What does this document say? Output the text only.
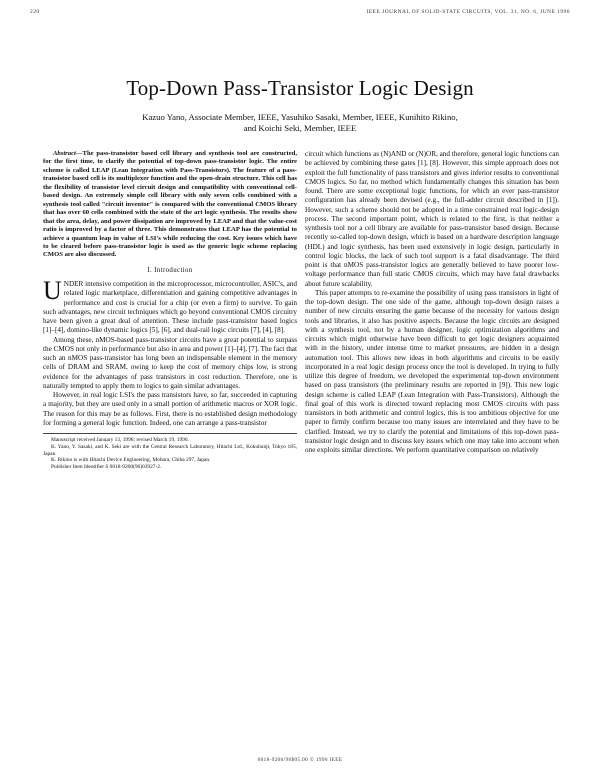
220	IEEE JOURNAL OF SOLID-STATE CIRCUITS, VOL. 31, NO. 6, JUNE 1996
Top-Down Pass-Transistor Logic Design
Kazuo Yano, Associate Member, IEEE, Yasuhiko Sasaki, Member, IEEE, Kunihito Rikino,
and Koichi Seki, Member, IEEE

Abstract—The pass-transistor based cell library and synthesis tool are constructed, for the first time, to clarify the potential of top-down pass-transistor logic. The entire scheme is called LEAP (Lean Integration with Pass-Transistors). The feature of a pass-transistor based cell is its multiplexer function and the open-drain structure. This cell has the flexibility of transistor level circuit design and compatibility with conventional cell-based design. An extremely simple cell library with only seven cells combined with a synthesis tool called "circuit inventor" is compared with the conventional CMOS library that has over 60 cells combined with the state of the art logic synthesis. The results show that the area, delay, and power dissipation are improved by LEAP and that the value-cost ratio is improved by a factor of three. This demonstrates that LEAP has the potential to achieve a quantum leap in value of LSI's while reducing the cost. Key issues which have to be cleared before pass-transistor logic is used as the generic logic scheme replacing CMOS are also discussed.

I. Introduction

UNDER intensive competition in the microprocessor, microcontroller, ASIC's, and related logic marketplace, differentiation and gaining competitive advantages in performance and cost is crucial for a chip (or even a firm) to survive. To gain such advantages, new circuit techniques which go beyond conventional CMOS circuitry have been given a great deal of attention. These include pass-transistor based logics [1]–[4], domino-like dynamic logics [5], [6], and dual-rail logic circuits [7], [4], [8].

Among these, nMOS-based pass-transistor circuits have a great potential to surpass the CMOS not only in performance but also in area and power [1]–[4], [7]. The fact that such an nMOS pass-transistor has long been an indispensable element in the memory cells of DRAM and SRAM, owing to keep the cost of memory chips low, is strong evidence for the advantages of pass transistors in cost reduction. Therefore, one is naturally tempted to apply them to logics to gain similar advantages.

However, in real logic LSI's the pass transistors have, so far, succeeded in capturing a majority, but they are used only in a small portion of arithmetic macros or XOR logic. The reason for this may be as follows. First, there is no established design methodology for forming a general logic function. Indeed, one can arrange a pass-transistor

Manuscript received January 13, 1996; revised March 19, 1996.

K. Yano, Y. Sasaki, and K. Seki are with the Central Research Laboratory, Hitachi Ltd., Kokubunji, Tokyo 185, Japan.

K. Rikino is with Hitachi Device Engineering, Mobara, Chiba 297, Japan.

Publisher Item Identifier S 0018-9200(96)03927-2.

circuit which functions as (N)AND or (N)OR, and therefore, general logic functions can be achieved by combining these gates [1], [8]. However, this simple approach does not exploit the full functionality of pass transistors and gives inferior results to conventional CMOS logics. So far, no method which fundamentally changes this situation has been found. There are some exceptional logic functions, for which an ever pass-transistor configuration has already been devised (e.g., the full-adder circuit described in [1]). However, such a scheme should not be adopted in a time constrained real logic-design process. The second important point, which is related to the first, is that neither a synthesis tool nor a cell library are available for pass-transistor based design. Because recently so-called top-down design, which is based on a hardware description language (HDL) and logic synthesis, has been used extensively in logic design, particularly in control logic blocks, the lack of such tool support is a fatal disadvantage. The third point is that nMOS pass-transistor logics are generally believed to have poorer low-voltage performance than full static CMOS circuits, which may have fatal drawbacks about future scalability.

This paper attempts to re-examine the possibility of using pass transistors in light of the top-down design. The one side of the game, although top-down design raises a number of new circuits ensuring the game because of the necessity for various design tools and libraries, it also has positive aspects. Because the logic circuits are designed with a synthesis tool, not by a human designer, logic optimization algorithms and circuits which might otherwise have been difficult to get logic designers acquainted with in the history, under intense time to market pressures, are hidden in a design automation tool. This allows new ideas in both algorithms and circuits to be easily incorporated in a real logic design process once the tool is developed. In trying to fully utilize this degree of freedom, we developed the experimental top-down environment based on pass transistors (the preliminary results are reported in [9]). This new logic design scheme is called LEAP (Lean Integration with Pass-Transistors). Although the final goal of this work is directed toward replacing most CMOS circuits with pass transistors in both arithmetic and control logics, this is too ambitious objective for one paper to firmly confirm because too many issues are interrelated and they have to be clarified. Instead, we try to clarify the potential and limitations of this top-down pass-transistor logic design and to discuss key issues which one may take into account when one exploits similar directions. We perform quantitative comparison on relatively

0018-9200/96$05.00 © 1996 IEEE
